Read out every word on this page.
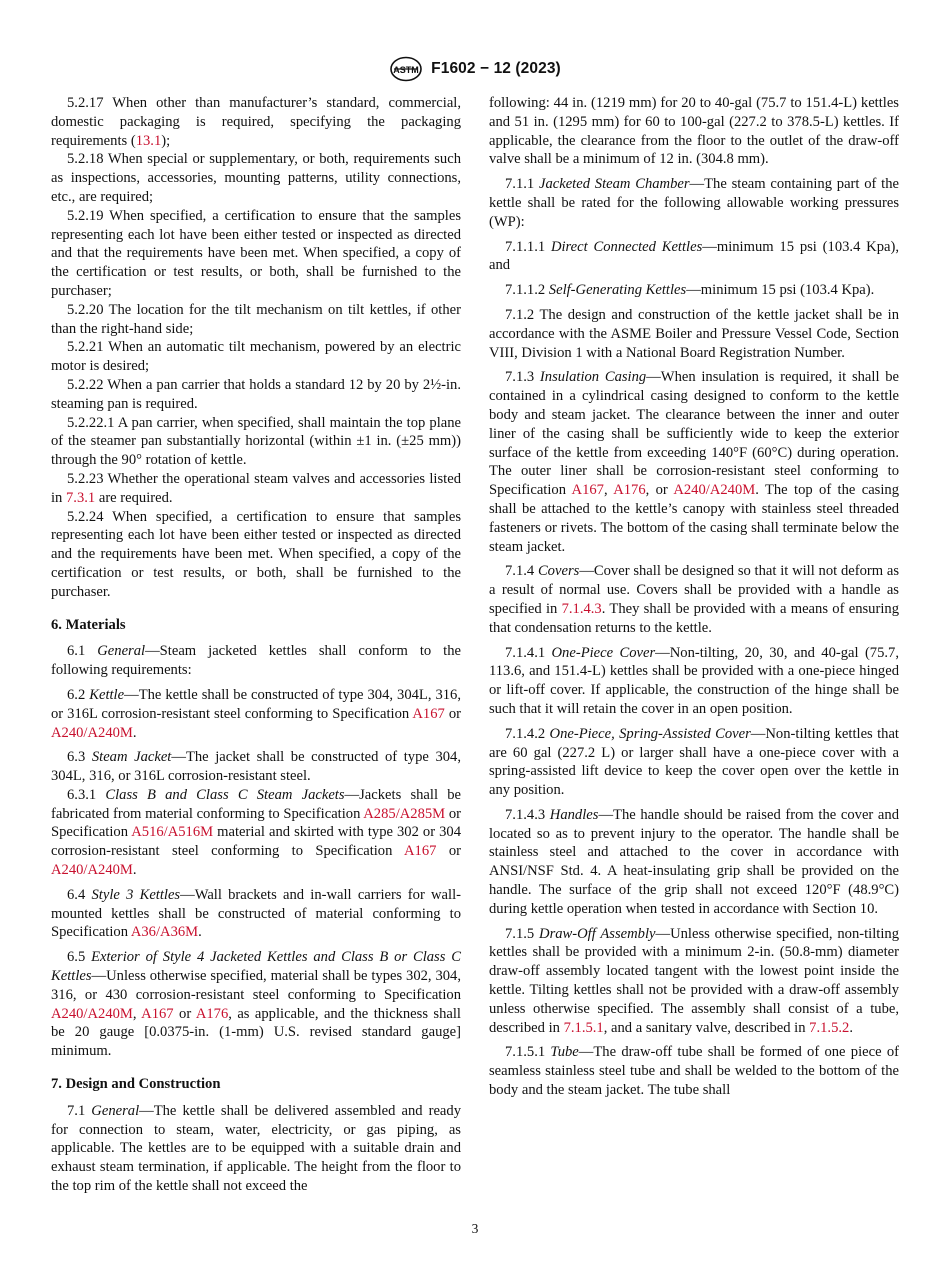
ASTM F1602 − 12 (2023)

5.2.17 When other than manufacturer’s standard, commercial, domestic packaging is required, specifying the packaging requirements (13.1);

5.2.18 When special or supplementary, or both, requirements such as inspections, accessories, mounting patterns, utility connections, etc., are required;

5.2.19 When specified, a certification to ensure that the samples representing each lot have been either tested or inspected as directed and that the requirements have been met. When specified, a copy of the certification or test results, or both, shall be furnished to the purchaser;

5.2.20 The location for the tilt mechanism on tilt kettles, if other than the right-hand side;

5.2.21 When an automatic tilt mechanism, powered by an electric motor is desired;

5.2.22 When a pan carrier that holds a standard 12 by 20 by 2½-in. steaming pan is required.

5.2.22.1 A pan carrier, when specified, shall maintain the top plane of the steamer pan substantially horizontal (within ±1 in. (±25 mm)) through the 90° rotation of kettle.

5.2.23 Whether the operational steam valves and accessories listed in 7.3.1 are required.

5.2.24 When specified, a certification to ensure that samples representing each lot have been either tested or inspected as directed and the requirements have been met. When specified, a copy of the certification or test results, or both, shall be furnished to the purchaser.

6. Materials

6.1 General—Steam jacketed kettles shall conform to the following requirements:

6.2 Kettle—The kettle shall be constructed of type 304, 304L, 316, or 316L corrosion-resistant steel conforming to Specification A167 or A240/A240M.

6.3 Steam Jacket—The jacket shall be constructed of type 304, 304L, 316, or 316L corrosion-resistant steel.

6.3.1 Class B and Class C Steam Jackets—Jackets shall be fabricated from material conforming to Specification A285/A285M or Specification A516/A516M material and skirted with type 302 or 304 corrosion-resistant steel conforming to Specification A167 or A240/A240M.

6.4 Style 3 Kettles—Wall brackets and in-wall carriers for wall-mounted kettles shall be constructed of material conforming to Specification A36/A36M.

6.5 Exterior of Style 4 Jacketed Kettles and Class B or Class C Kettles—Unless otherwise specified, material shall be types 302, 304, 316, or 430 corrosion-resistant steel conforming to Specification A240/A240M, A167 or A176, as applicable, and the thickness shall be 20 gauge [0.0375-in. (1-mm) U.S. revised standard gauge] minimum.

7. Design and Construction

7.1 General—The kettle shall be delivered assembled and ready for connection to steam, water, electricity, or gas piping, as applicable. The kettles are to be equipped with a suitable drain and exhaust steam termination, if applicable. The height from the floor to the top rim of the kettle shall not exceed the

following: 44 in. (1219 mm) for 20 to 40-gal (75.7 to 151.4-L) kettles and 51 in. (1295 mm) for 60 to 100-gal (227.2 to 378.5-L) kettles. If applicable, the clearance from the floor to the outlet of the draw-off valve shall be a minimum of 12 in. (304.8 mm).

7.1.1 Jacketed Steam Chamber—The steam containing part of the kettle shall be rated for the following allowable working pressures (WP):

7.1.1.1 Direct Connected Kettles—minimum 15 psi (103.4 Kpa), and

7.1.1.2 Self-Generating Kettles—minimum 15 psi (103.4 Kpa).

7.1.2 The design and construction of the kettle jacket shall be in accordance with the ASME Boiler and Pressure Vessel Code, Section VIII, Division 1 with a National Board Registration Number.

7.1.3 Insulation Casing—When insulation is required, it shall be contained in a cylindrical casing designed to conform to the kettle body and steam jacket. The clearance between the inner and outer liner of the casing shall be sufficiently wide to keep the exterior surface of the kettle from exceeding 140°F (60°C) during operation. The outer liner shall be corrosion-resistant steel conforming to Specification A167, A176, or A240/A240M. The top of the casing shall be attached to the kettle’s canopy with stainless steel threaded fasteners or rivets. The bottom of the casing shall terminate below the steam jacket.

7.1.4 Covers—Cover shall be designed so that it will not deform as a result of normal use. Covers shall be provided with a handle as specified in 7.1.4.3. They shall be provided with a means of ensuring that condensation returns to the kettle.

7.1.4.1 One-Piece Cover—Non-tilting, 20, 30, and 40-gal (75.7, 113.6, and 151.4-L) kettles shall be provided with a one-piece hinged or lift-off cover. If applicable, the construction of the hinge shall be such that it will retain the cover in an open position.

7.1.4.2 One-Piece, Spring-Assisted Cover—Non-tilting kettles that are 60 gal (227.2 L) or larger shall have a one-piece cover with a spring-assisted lift device to keep the cover open over the kettle in any position.

7.1.4.3 Handles—The handle should be raised from the cover and located so as to prevent injury to the operator. The handle shall be stainless steel and attached to the cover in accordance with ANSI/NSF Std. 4. A heat-insulating grip shall be provided on the handle. The surface of the grip shall not exceed 120°F (48.9°C) during kettle operation when tested in accordance with Section 10.

7.1.5 Draw-Off Assembly—Unless otherwise specified, non-tilting kettles shall be provided with a minimum 2-in. (50.8-mm) diameter draw-off assembly located tangent with the lowest point inside the kettle. Tilting kettles shall not be provided with a draw-off assembly unless otherwise specified. The assembly shall consist of a tube, described in 7.1.5.1, and a sanitary valve, described in 7.1.5.2.

7.1.5.1 Tube—The draw-off tube shall be formed of one piece of seamless stainless steel tube and shall be welded to the bottom of the body and the steam jacket. The tube shall

3
